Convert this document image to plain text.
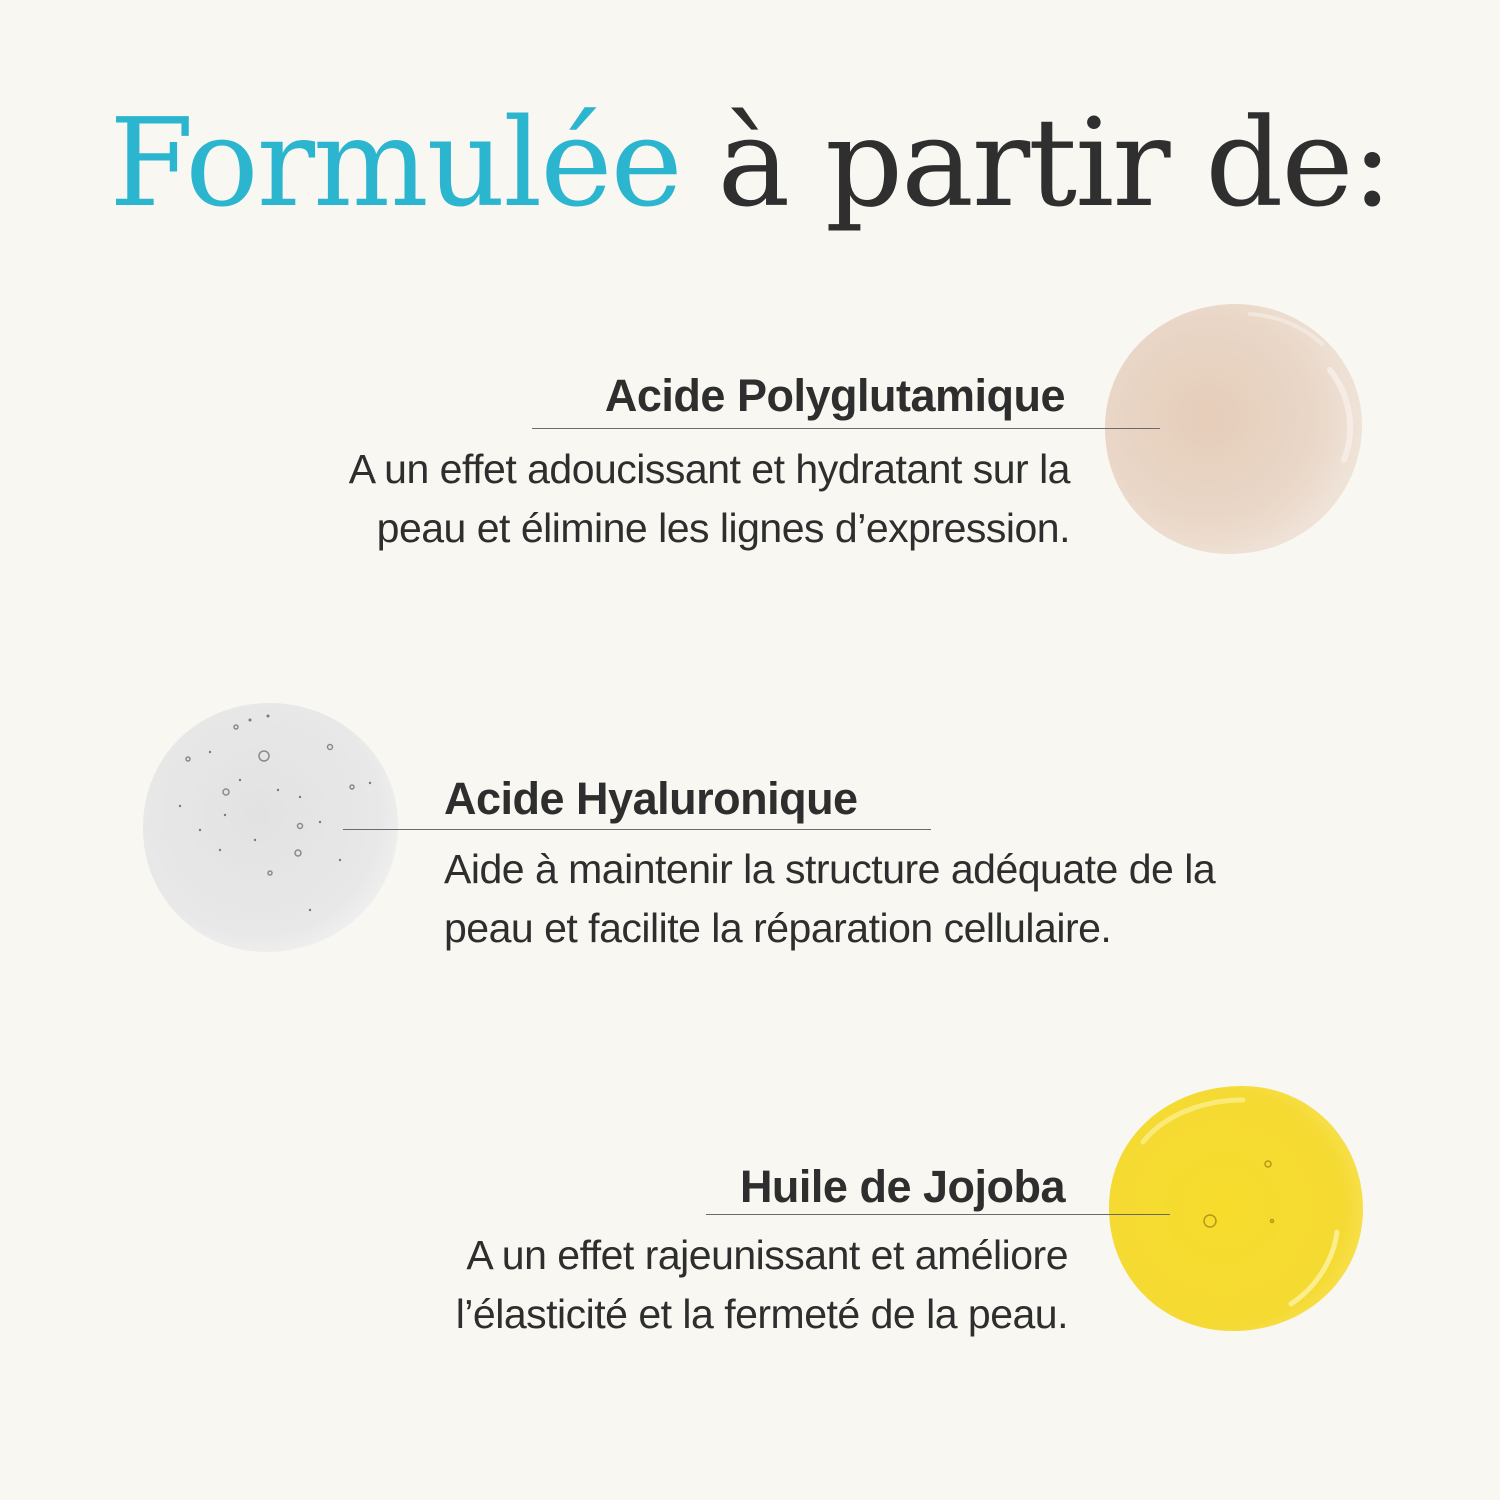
Formulée à partir de:
Acide Polyglutamique
A un effet adoucissant et hydratant sur la
peau et élimine les lignes d’expression.
Acide Hyaluronique
Aide à maintenir la structure adéquate de la
peau et facilite la réparation cellulaire.
Huile de Jojoba
A un effet rajeunissant et améliore
l’élasticité et la fermeté de la peau.
